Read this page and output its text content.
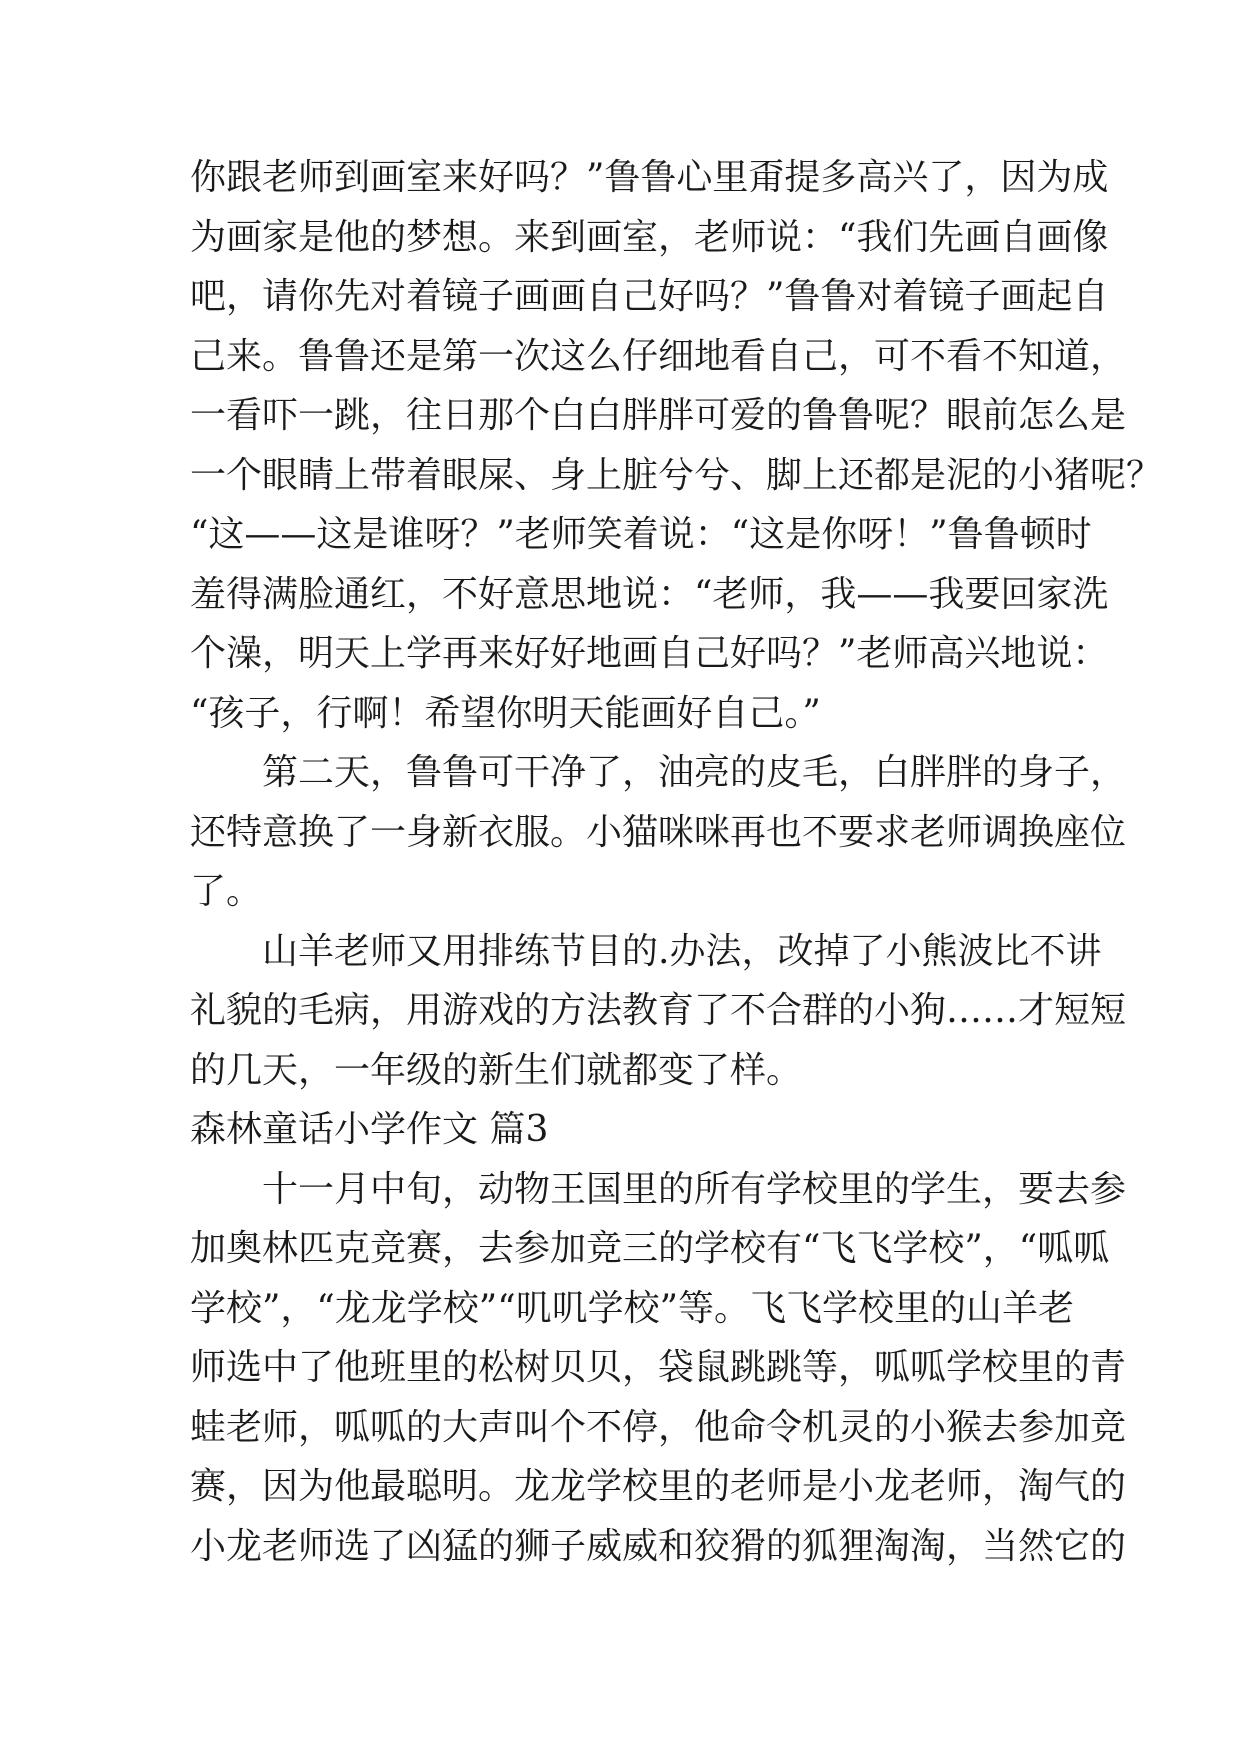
你跟老师到画室来好吗？”鲁鲁心里甭提多高兴了，因为成
为画家是他的梦想。来到画室，老师说：“我们先画自画像
吧，请你先对着镜子画画自己好吗？”鲁鲁对着镜子画起自
己来。鲁鲁还是第一次这么仔细地看自己，可不看不知道，
一看吓一跳，往日那个白白胖胖可爱的鲁鲁呢？眼前怎么是
一个眼睛上带着眼屎、身上脏兮兮、脚上还都是泥的小猪呢？
“这——这是谁呀？”老师笑着说：“这是你呀！”鲁鲁顿时
羞得满脸通红，不好意思地说：“老师，我——我要回家洗
个澡，明天上学再来好好地画自己好吗？”老师高兴地说：
“孩子，行啊！希望你明天能画好自己。”
第二天，鲁鲁可干净了，油亮的皮毛，白胖胖的身子，
还特意换了一身新衣服。小猫咪咪再也不要求老师调换座位
了。
山羊老师又用排练节目的.办法，改掉了小熊波比不讲
礼貌的毛病，用游戏的方法教育了不合群的小狗……才短短
的几天，一年级的新生们就都变了样。
森林童话小学作文 篇3
十一月中旬，动物王国里的所有学校里的学生，要去参
加奥林匹克竞赛，去参加竞三的学校有“飞飞学校”，“呱呱
学校”，“龙龙学校”“叽叽学校”等。飞飞学校里的山羊老
师选中了他班里的松树贝贝，袋鼠跳跳等，呱呱学校里的青
蛙老师，呱呱的大声叫个不停，他命令机灵的小猴去参加竞
赛，因为他最聪明。龙龙学校里的老师是小龙老师，淘气的
小龙老师选了凶猛的狮子威威和狡猾的狐狸淘淘，当然它的
